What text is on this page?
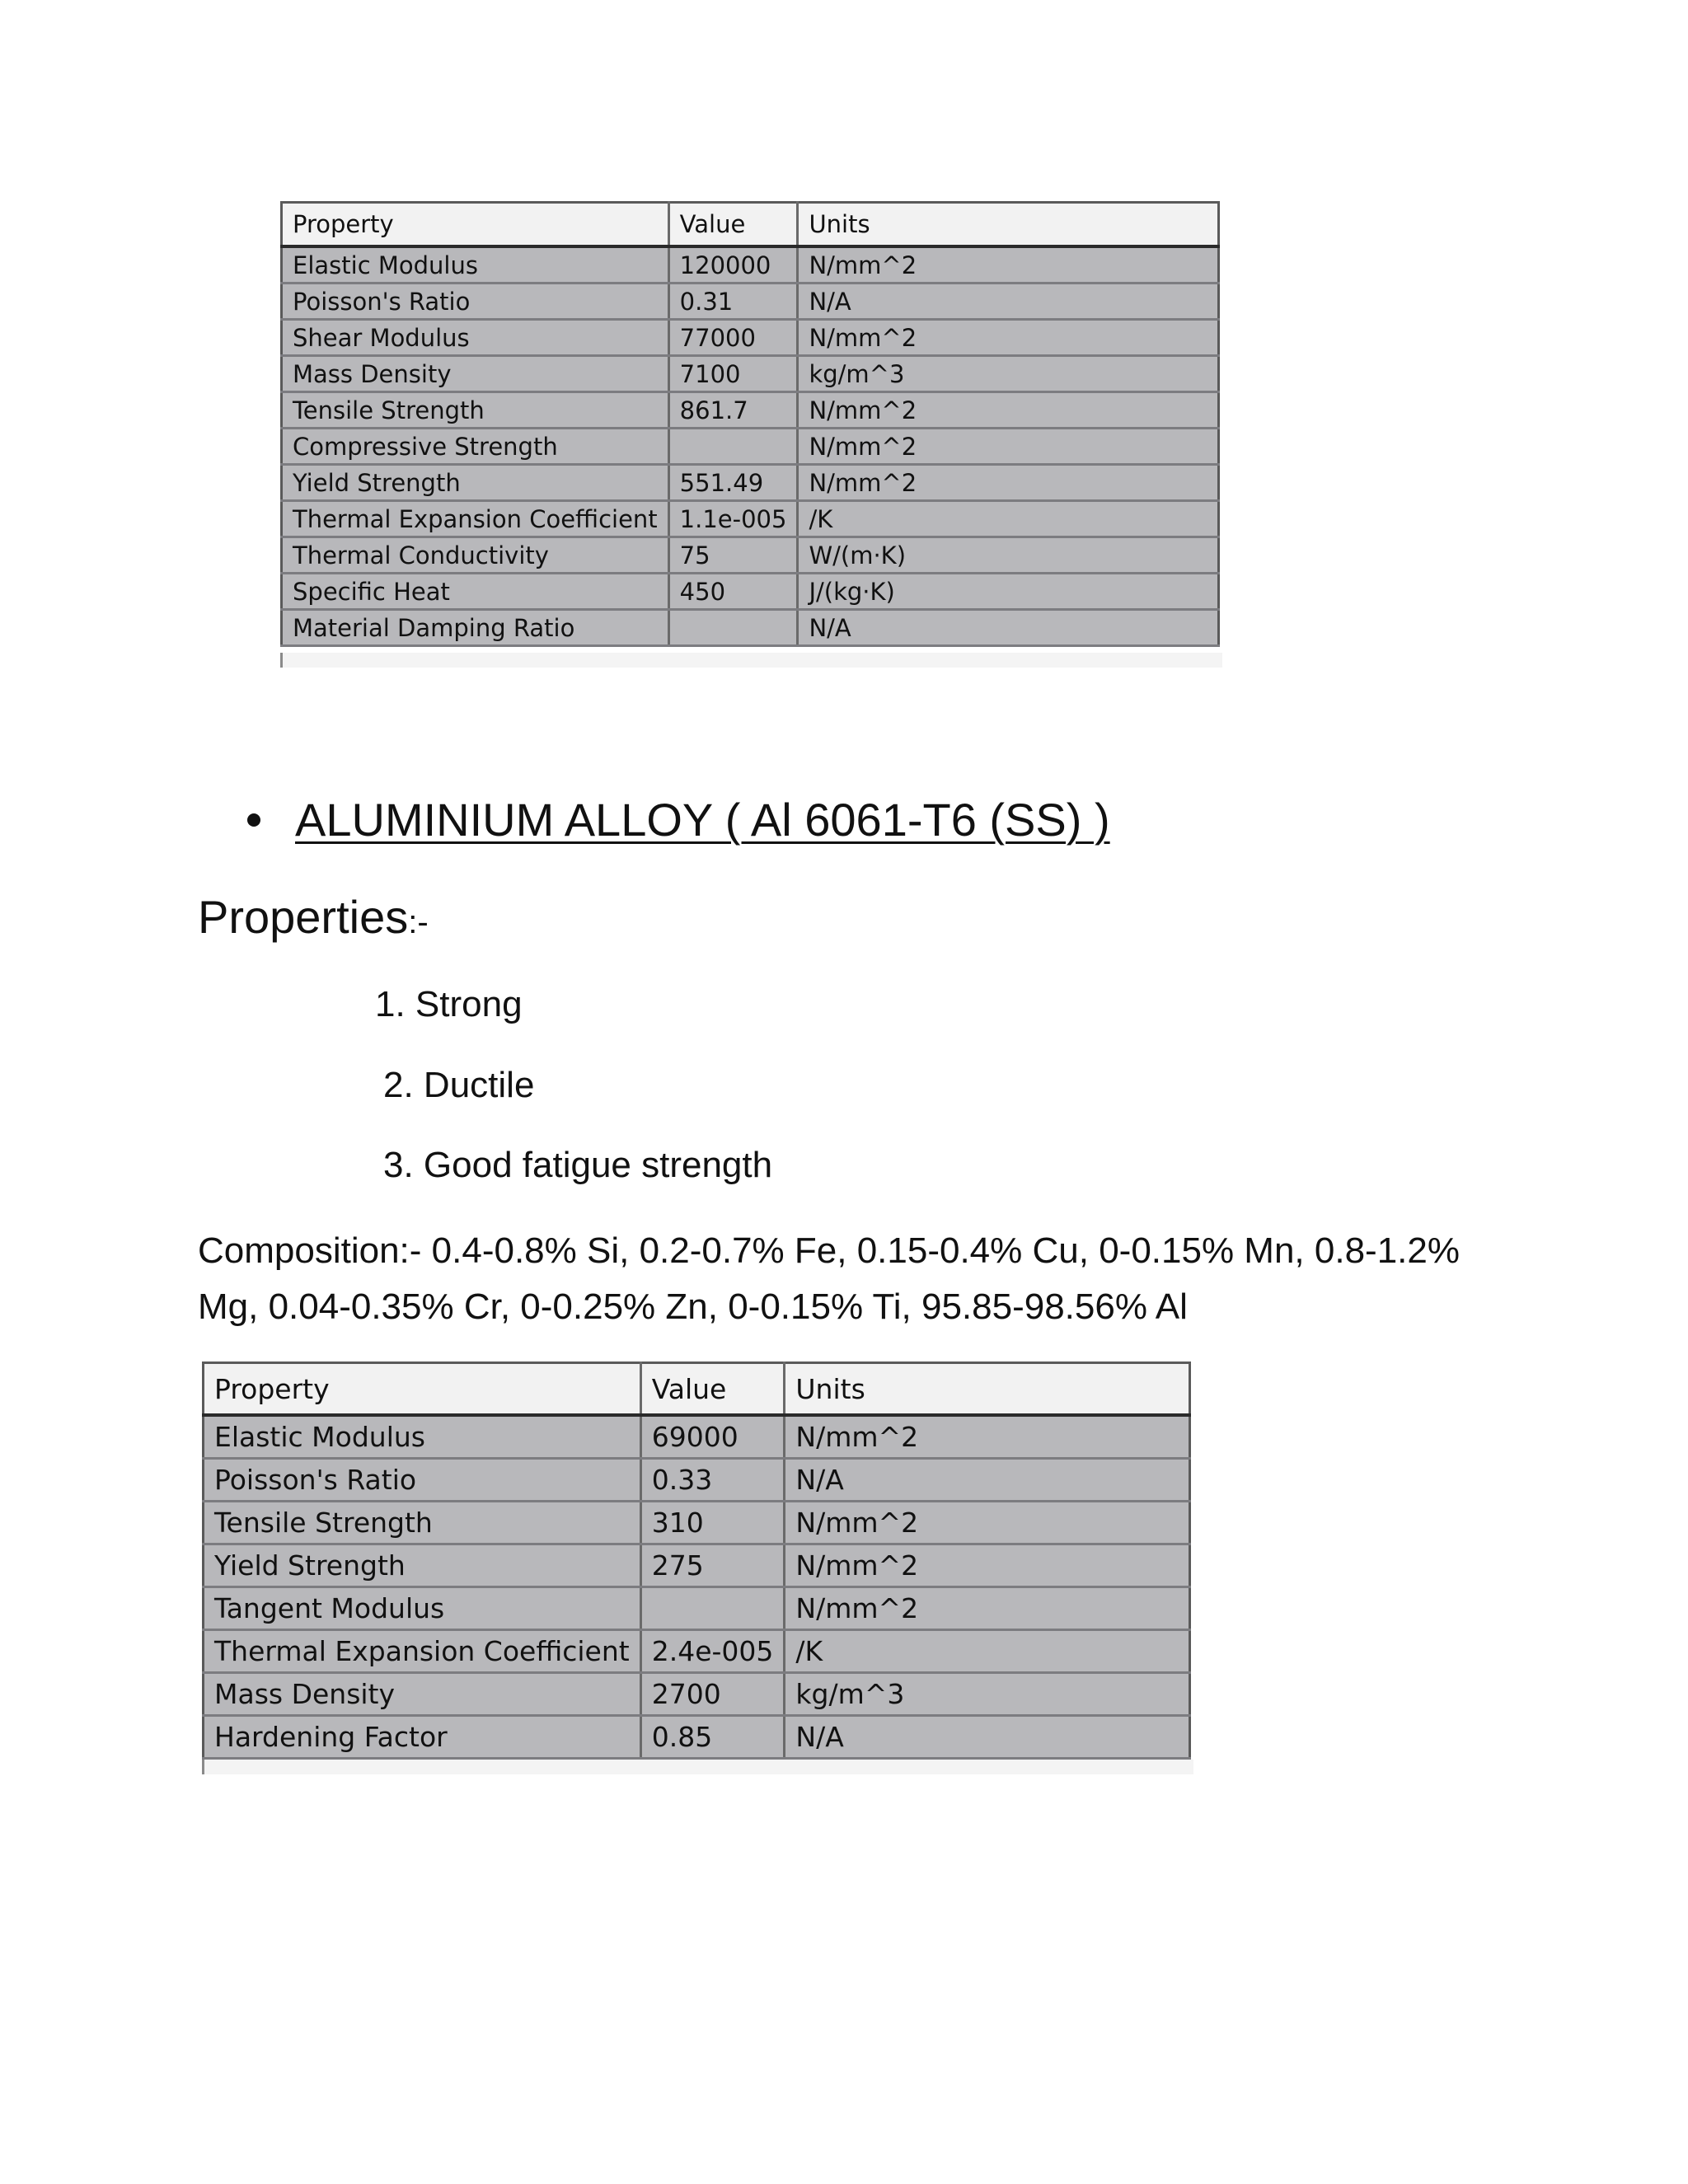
Property	Value	Units
Elastic Modulus	120000	N/mm^2
Poisson's Ratio	0.31	N/A
Shear Modulus	77000	N/mm^2
Mass Density	7100	kg/m^3
Tensile Strength	861.7	N/mm^2
Compressive Strength		N/mm^2
Yield Strength	551.49	N/mm^2
Thermal Expansion Coefficient	1.1e-005	/K
Thermal Conductivity	75	W/(m·K)
Specific Heat	450	J/(kg·K)
Material Damping Ratio		N/A
ALUMINIUM ALLOY ( Al 6061-T6 (SS) )
Properties:-
1. Strong
2. Ductile
3. Good fatigue strength
Composition:- 0.4-0.8% Si, 0.2-0.7% Fe, 0.15-0.4% Cu, 0-0.15% Mn, 0.8-1.2% Mg, 0.04-0.35% Cr, 0-0.25% Zn, 0-0.15% Ti, 95.85-98.56% Al
Property	Value	Units
Elastic Modulus	69000	N/mm^2
Poisson's Ratio	0.33	N/A
Tensile Strength	310	N/mm^2
Yield Strength	275	N/mm^2
Tangent Modulus		N/mm^2
Thermal Expansion Coefficient	2.4e-005	/K
Mass Density	2700	kg/m^3
Hardening Factor	0.85	N/A
